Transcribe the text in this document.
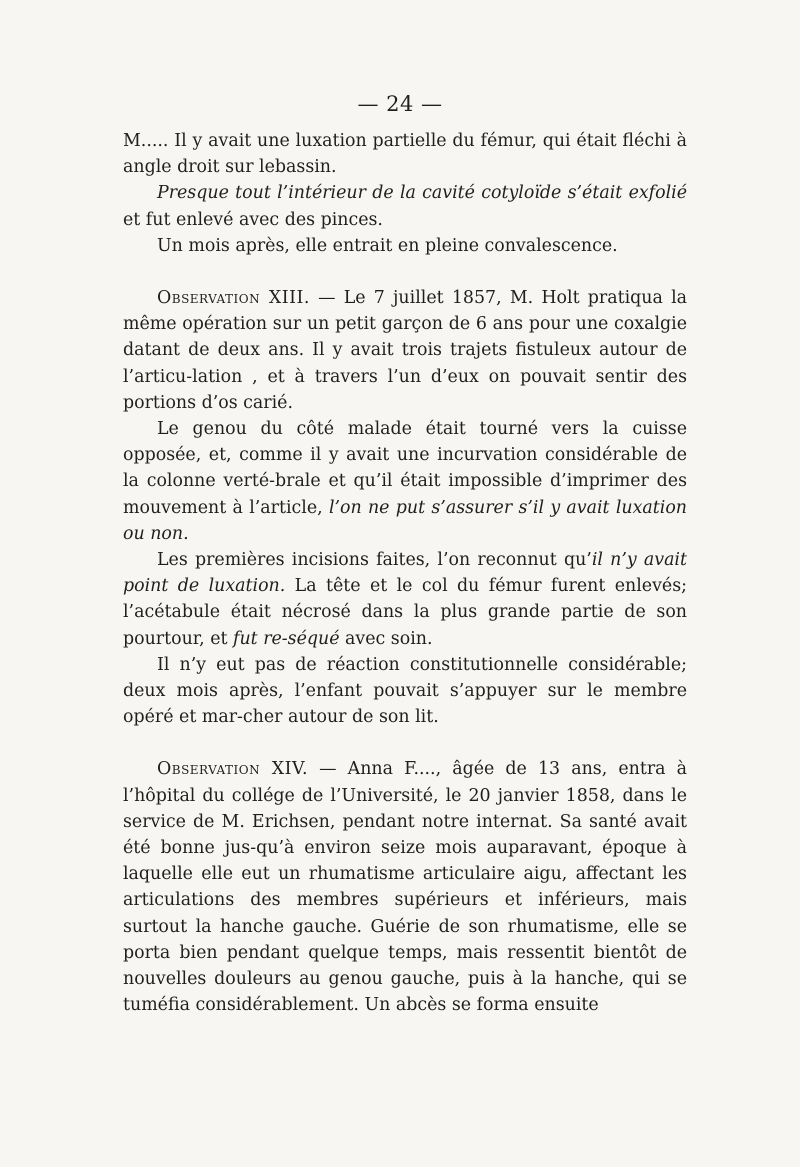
— 24 —

M..... Il y avait une luxation partielle du fémur, qui était fléchi à angle droit sur lebassin.

Presque tout l’intérieur de la cavité cotyloïde s’était exfolié et fut enlevé avec des pinces.

Un mois après, elle entrait en pleine convalescence.

Observation XIII. — Le 7 juillet 1857, M. Holt pratiqua la même opération sur un petit garçon de 6 ans pour une coxalgie datant de deux ans. Il y avait trois trajets fistuleux autour de l’articu-lation , et à travers l’un d’eux on pouvait sentir des portions d’os carié.

Le genou du côté malade était tourné vers la cuisse opposée, et, comme il y avait une incurvation considérable de la colonne verté-brale et qu’il était impossible d’imprimer des mouvement à l’article, l’on ne put s’assurer s’il y avait luxation ou non.

Les premières incisions faites, l’on reconnut qu’il n’y avait point de luxation. La tête et le col du fémur furent enlevés; l’acétabule était nécrosé dans la plus grande partie de son pourtour, et fut re-séqué avec soin.

Il n’y eut pas de réaction constitutionnelle considérable; deux mois après, l’enfant pouvait s’appuyer sur le membre opéré et mar-cher autour de son lit.

Observation XIV. — Anna F...., âgée de 13 ans, entra à l’hôpital du collége de l’Université, le 20 janvier 1858, dans le service de M. Erichsen, pendant notre internat. Sa santé avait été bonne jus-qu’à environ seize mois auparavant, époque à laquelle elle eut un rhumatisme articulaire aigu, affectant les articulations des membres supérieurs et inférieurs, mais surtout la hanche gauche. Guérie de son rhumatisme, elle se porta bien pendant quelque temps, mais ressentit bientôt de nouvelles douleurs au genou gauche, puis à la hanche, qui se tuméfia considérablement. Un abcès se forma ensuite
